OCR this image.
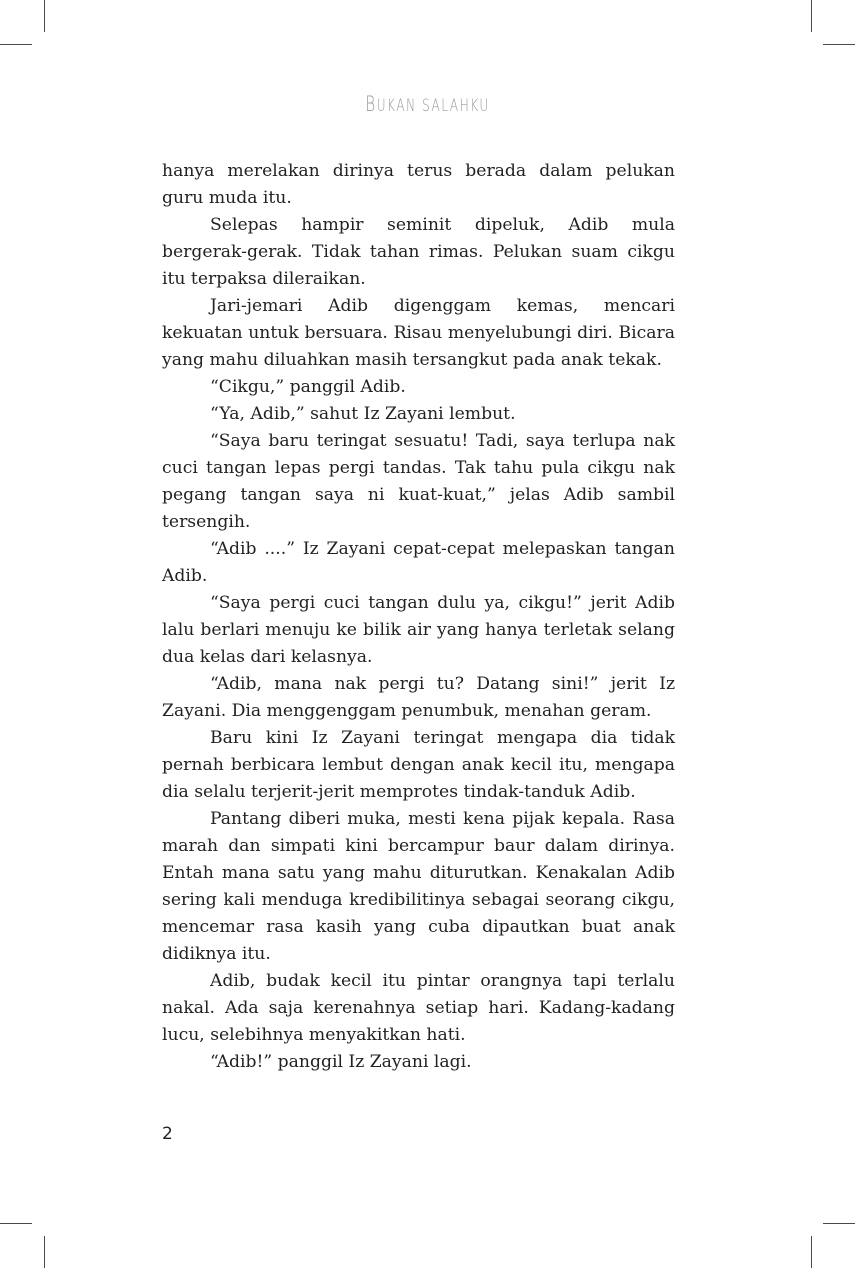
BUKAN SALAHKU

hanya merelakan dirinya terus berada dalam pelukan guru muda itu.

Selepas hampir seminit dipeluk, Adib mula bergerak-gerak. Tidak tahan rimas. Pelukan suam cikgu itu terpaksa dileraikan.

Jari-jemari Adib digenggam kemas, mencari kekuatan untuk bersuara. Risau menyelubungi diri. Bicara yang mahu diluahkan masih tersangkut pada anak tekak.

“Cikgu,” panggil Adib.

“Ya, Adib,” sahut Iz Zayani lembut.

“Saya baru teringat sesuatu! Tadi, saya terlupa nak cuci tangan lepas pergi tandas. Tak tahu pula cikgu nak pegang tangan saya ni kuat-kuat,” jelas Adib sambil tersengih.

“Adib ....” Iz Zayani cepat-cepat melepaskan tangan Adib.

“Saya pergi cuci tangan dulu ya, cikgu!” jerit Adib lalu berlari menuju ke bilik air yang hanya terletak selang dua kelas dari kelasnya.

“Adib, mana nak pergi tu? Datang sini!” jerit Iz Zayani. Dia menggenggam penumbuk, menahan geram.

Baru kini Iz Zayani teringat mengapa dia tidak pernah berbicara lembut dengan anak kecil itu, mengapa dia selalu terjerit-jerit memprotes tindak-tanduk Adib.

Pantang diberi muka, mesti kena pijak kepala. Rasa marah dan simpati kini bercampur baur dalam dirinya. Entah mana satu yang mahu diturutkan. Kenakalan Adib sering kali menduga kredibilitinya sebagai seorang cikgu, mencemar rasa kasih yang cuba dipautkan buat anak didiknya itu.

Adib, budak kecil itu pintar orangnya tapi terlalu nakal. Ada saja kerenahnya setiap hari. Kadang-kadang lucu, selebihnya menyakitkan hati.

“Adib!” panggil Iz Zayani lagi.

2
